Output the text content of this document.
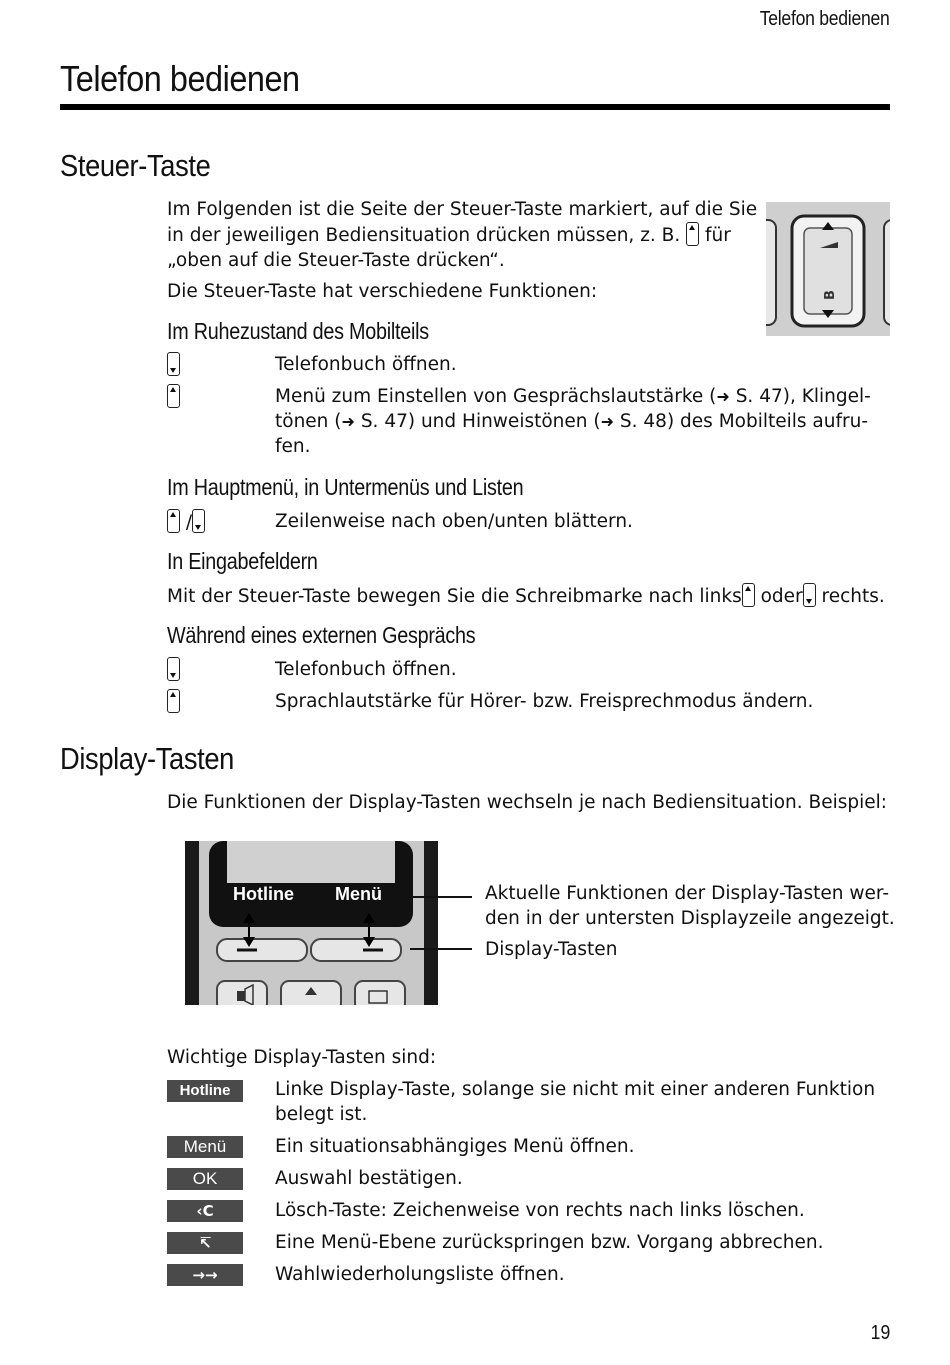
Telefon bedienen
Telefon bedienen
Steuer-Taste
Im Folgenden ist die Seite der Steuer-Taste markiert, auf die Sie
in der jeweiligen Bediensituation drücken müssen, z. B. für
„oben auf die Steuer-Taste drücken“.
Die Steuer-Taste hat verschiedene Funktionen:	B
Im Ruhezustand des Mobilteils
Telefonbuch öffnen.
Menü zum Einstellen von Gesprächslautstärke (➜ S. 47), Klingel-
tönen (➜ S. 47) und Hinweistönen (➜ S. 48) des Mobilteils aufru-
fen.
Im Hauptmenü, in Untermenüs und Listen
/	Zeilenweise nach oben/unten blättern.
In Eingabefeldern
Mit der Steuer-Taste bewegen Sie die Schreibmarke nach links oder rechts.
Während eines externen Gesprächs
Telefonbuch öffnen.
Sprachlautstärke für Hörer- bzw. Freisprechmodus ändern.
Display-Tasten
Die Funktionen der Display-Tasten wechseln je nach Bediensituation. Beispiel:
Hotline Menü	Aktuelle Funktionen der Display-Tasten wer-
den in der untersten Displayzeile angezeigt.
Display-Tasten
Wichtige Display-Tasten sind:
Hotline	Linke Display-Taste, solange sie nicht mit einer anderen Funktion
belegt ist.
Menü	Ein situationsabhängiges Menü öffnen.
OK	Auswahl bestätigen.
‹C	Lösch-Taste: Zeichenweise von rechts nach links löschen.
↸	Eine Menü-Ebene zurückspringen bzw. Vorgang abbrechen.
→→	Wahlwiederholungsliste öffnen.
19
